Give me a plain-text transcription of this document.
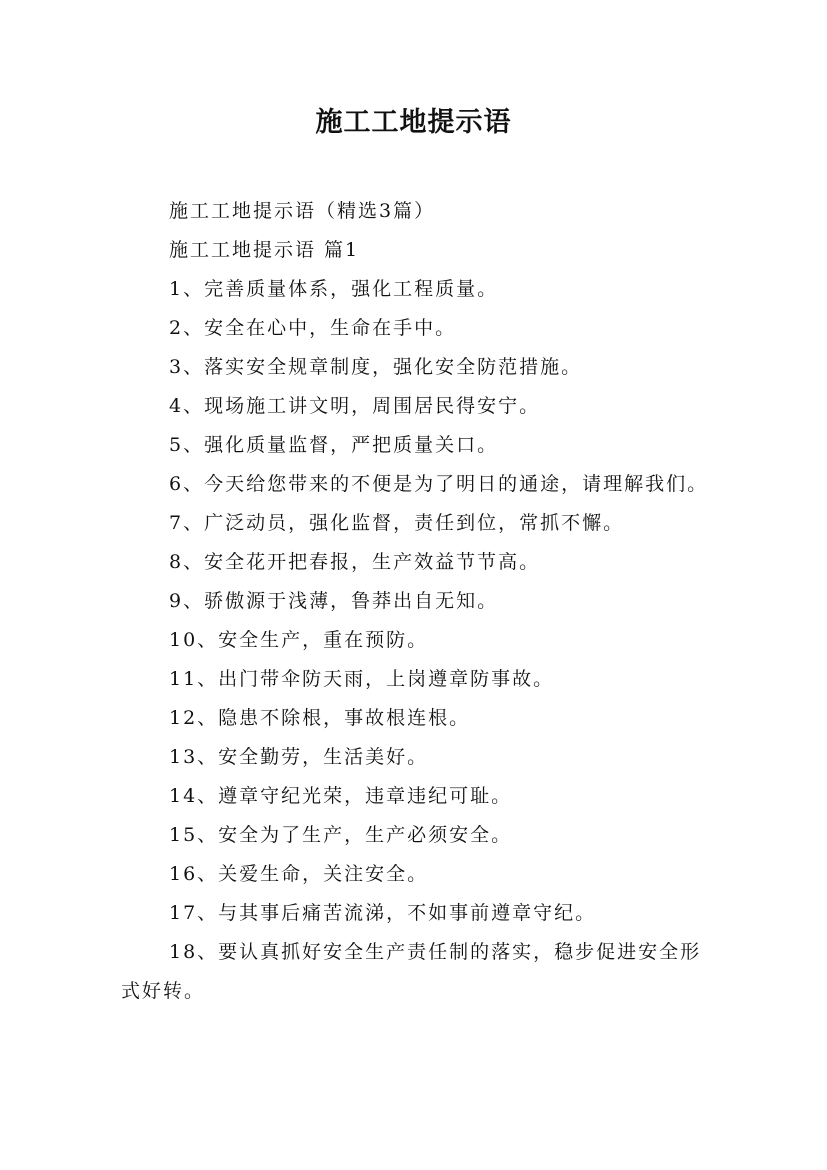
施工工地提示语

施工工地提示语（精选3篇）

施工工地提示语 篇1

1、完善质量体系，强化工程质量。

2、安全在心中，生命在手中。

3、落实安全规章制度，强化安全防范措施。

4、现场施工讲文明，周围居民得安宁。

5、强化质量监督，严把质量关口。

6、今天给您带来的不便是为了明日的通途，请理解我们。

7、广泛动员，强化监督，责任到位，常抓不懈。

8、安全花开把春报，生产效益节节高。

9、骄傲源于浅薄，鲁莽出自无知。

10、安全生产，重在预防。

11、出门带伞防天雨，上岗遵章防事故。

12、隐患不除根，事故根连根。

13、安全勤劳，生活美好。

14、遵章守纪光荣，违章违纪可耻。

15、安全为了生产，生产必须安全。

16、关爱生命，关注安全。

17、与其事后痛苦流涕，不如事前遵章守纪。

18、要认真抓好安全生产责任制的落实，稳步促进安全形式好转。
